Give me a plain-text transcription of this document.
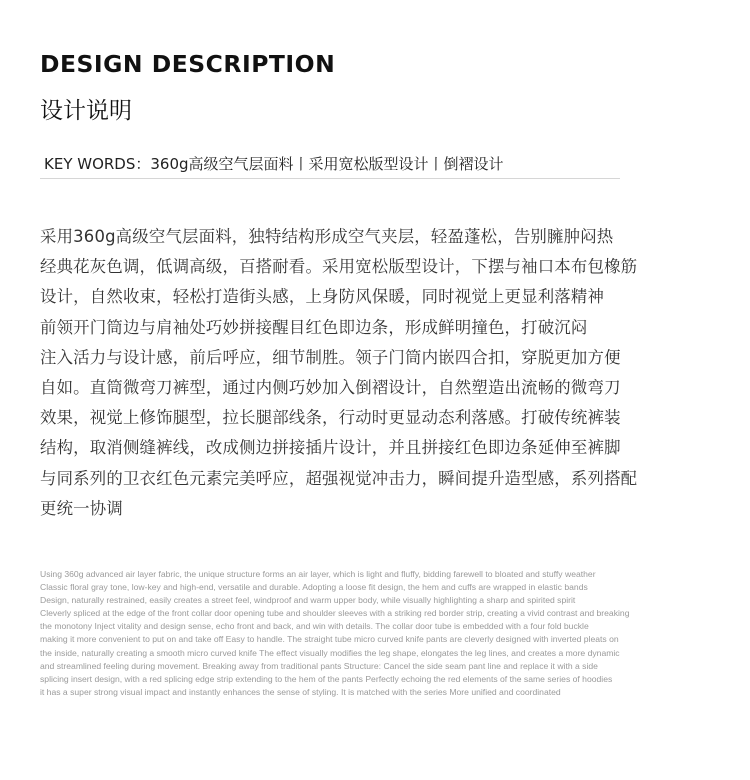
DESIGN DESCRIPTION
设计说明
KEY WORDS：360g高级空气层面料丨采用宽松版型设计丨倒褶设计
采用360g高级空气层面料，独特结构形成空气夹层，轻盈蓬松，告别臃肿闷热
经典花灰色调，低调高级，百搭耐看。采用宽松版型设计，下摆与袖口本布包橡筋
设计，自然收束，轻松打造街头感，上身防风保暖，同时视觉上更显利落精神
前领开门筒边与肩袖处巧妙拼接醒目红色即边条，形成鲜明撞色，打破沉闷
注入活力与设计感，前后呼应，细节制胜。领子门筒内嵌四合扣，穿脱更加方便
自如。直筒微弯刀裤型，通过内侧巧妙加入倒褶设计，自然塑造出流畅的微弯刀
效果，视觉上修饰腿型，拉长腿部线条，行动时更显动态利落感。打破传统裤装
结构，取消侧缝裤线，改成侧边拼接插片设计，并且拼接红色即边条延伸至裤脚
与同系列的卫衣红色元素完美呼应，超强视觉冲击力，瞬间提升造型感，系列搭配
更统一协调
Using 360g advanced air layer fabric, the unique structure forms an air layer, which is light and fluffy, bidding farewell to bloated and stuffy weather
Classic floral gray tone, low-key and high-end, versatile and durable. Adopting a loose fit design, the hem and cuffs are wrapped in elastic bands
Design, naturally restrained, easily creates a street feel, windproof and warm upper body, while visually highlighting a sharp and spirited spirit
Cleverly spliced at the edge of the front collar door opening tube and shoulder sleeves with a striking red border strip, creating a vivid contrast and breaking
the monotony Inject vitality and design sense, echo front and back, and win with details. The collar door tube is embedded with a four fold buckle
making it more convenient to put on and take off Easy to handle. The straight tube micro curved knife pants are cleverly designed with inverted pleats on
the inside, naturally creating a smooth micro curved knife The effect visually modifies the leg shape, elongates the leg lines, and creates a more dynamic
and streamlined feeling during movement. Breaking away from traditional pants Structure: Cancel the side seam pant line and replace it with a side
splicing insert design, with a red splicing edge strip extending to the hem of the pants Perfectly echoing the red elements of the same series of hoodies
it has a super strong visual impact and instantly enhances the sense of styling. It is matched with the series More unified and coordinated
